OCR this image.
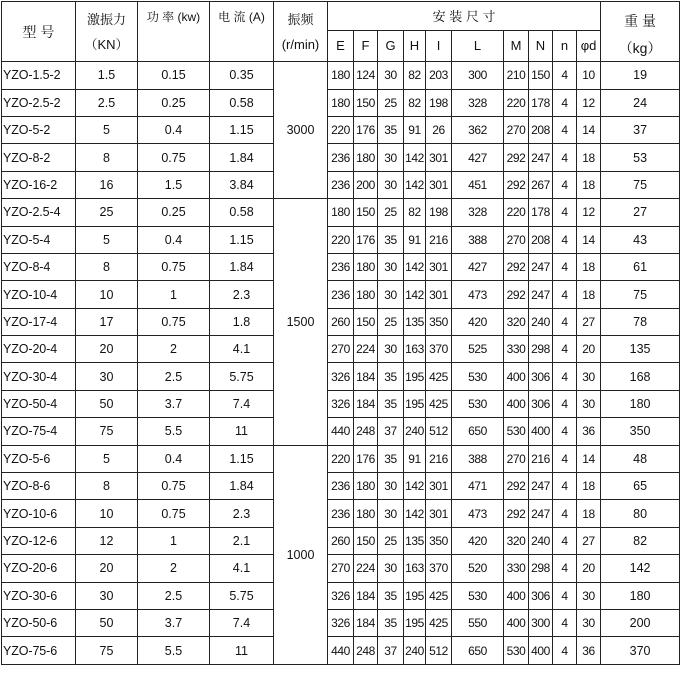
型 号	激振力
（KN）	功 率 (kw)	电 流 (A)	振频
(r/min)	安 装 尺 寸										重 量
（kg）

					E	F	G	H	I	L	M	N	n	φd	
YZO-1.5-2	1.5	0.15	0.35	3000	180	124	30	82	203	300	210	150	4	10	19
YZO-2.5-2	2.5	0.25	0.58		180	150	25	82	198	328	220	178	4	12	24
YZO-5-2	5	0.4	1.15		220	176	35	91	26	362	270	208	4	14	37
YZO-8-2	8	0.75	1.84		236	180	30	142	301	427	292	247	4	18	53
YZO-16-2	16	1.5	3.84		236	200	30	142	301	451	292	267	4	18	75
YZO-2.5-4	25	0.25	0.58	1500	180	150	25	82	198	328	220	178	4	12	27
YZO-5-4	5	0.4	1.15		220	176	35	91	216	388	270	208	4	14	43
YZO-8-4	8	0.75	1.84		236	180	30	142	301	427	292	247	4	18	61
YZO-10-4	10	1	2.3		236	180	30	142	301	473	292	247	4	18	75
YZO-17-4	17	0.75	1.8		260	150	25	135	350	420	320	240	4	27	78
YZO-20-4	20	2	4.1		270	224	30	163	370	525	330	298	4	20	135
YZO-30-4	30	2.5	5.75		326	184	35	195	425	530	400	306	4	30	168
YZO-50-4	50	3.7	7.4		326	184	35	195	425	530	400	306	4	30	180
YZO-75-4	75	5.5	11		440	248	37	240	512	650	530	400	4	36	350
YZO-5-6	5	0.4	1.15	1000	220	176	35	91	216	388	270	216	4	14	48
YZO-8-6	8	0.75	1.84		236	180	30	142	301	471	292	247	4	18	65
YZO-10-6	10	0.75	2.3		236	180	30	142	301	473	292	247	4	18	80
YZO-12-6	12	1	2.1		260	150	25	135	350	420	320	240	4	27	82
YZO-20-6	20	2	4.1		270	224	30	163	370	520	330	298	4	20	142
YZO-30-6	30	2.5	5.75		326	184	35	195	425	530	400	306	4	30	180
YZO-50-6	50	3.7	7.4		326	184	35	195	425	550	400	300	4	30	200
YZO-75-6	75	5.5	11		440	248	37	240	512	650	530	400	4	36	370
